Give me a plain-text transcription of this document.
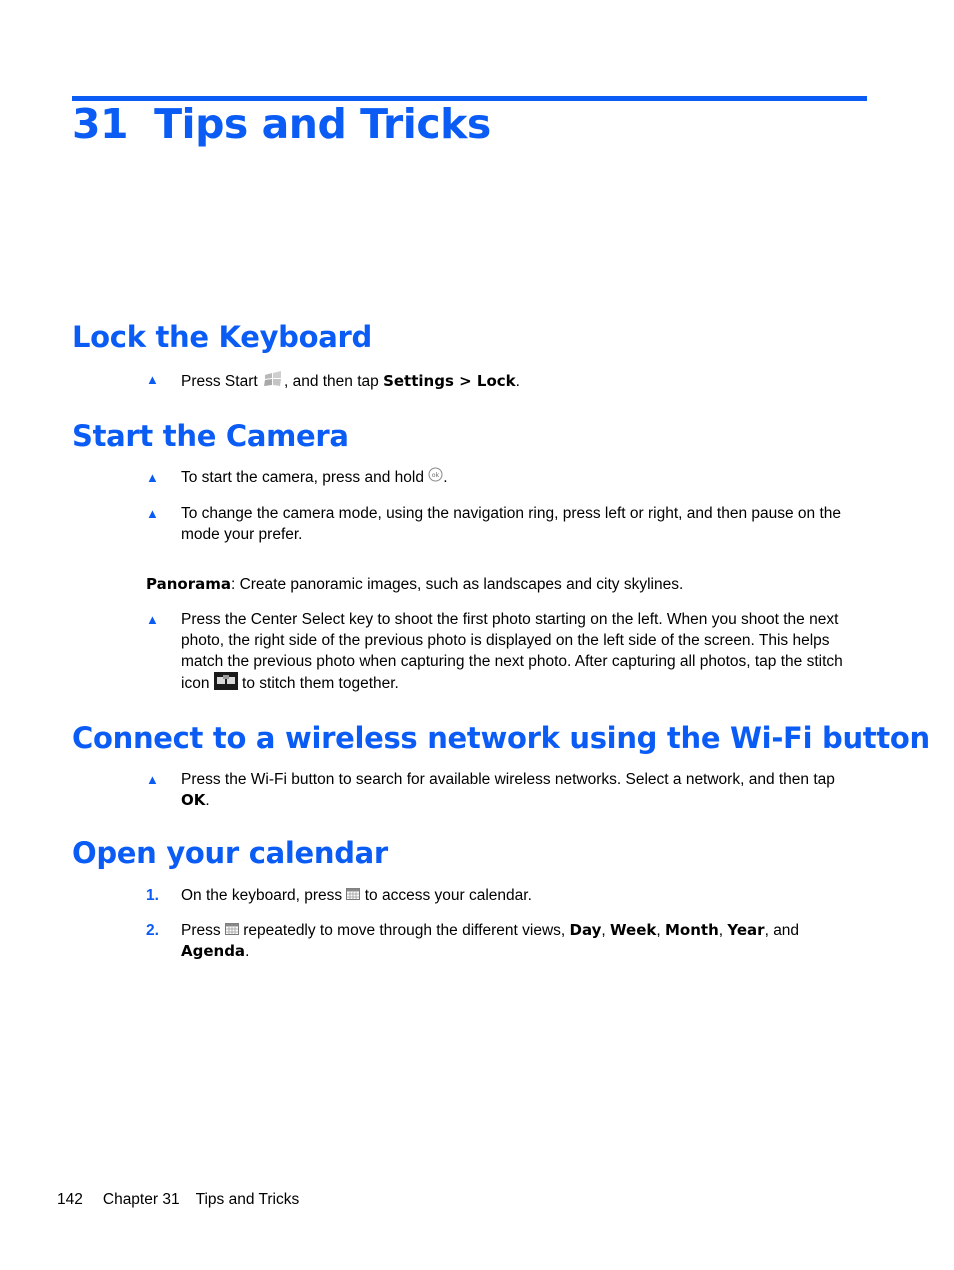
31 Tips and Tricks
Lock the Keyboard
▲ Press Start , and then tap Settings > Lock.
Start the Camera
▲ To start the camera, press and hold ok .
▲ To change the camera mode, using the navigation ring, press left or right, and then pause on the mode your prefer.
Panorama: Create panoramic images, such as landscapes and city skylines.
▲ Press the Center Select key to shoot the first photo starting on the left. When you shoot the next photo, the right side of the previous photo is displayed on the left side of the screen. This helps match the previous photo when capturing the next photo. After capturing all photos, tap the stitch icon  to stitch them together.
Connect to a wireless network using the Wi-Fi button
▲ Press the Wi-Fi button to search for available wireless networks. Select a network, and then tap OK.
Open your calendar
1. On the keyboard, press  to access your calendar.
2. Press  repeatedly to move through the different views, Day, Week, Month, Year, and Agenda.
142 Chapter 31 Tips and Tricks
